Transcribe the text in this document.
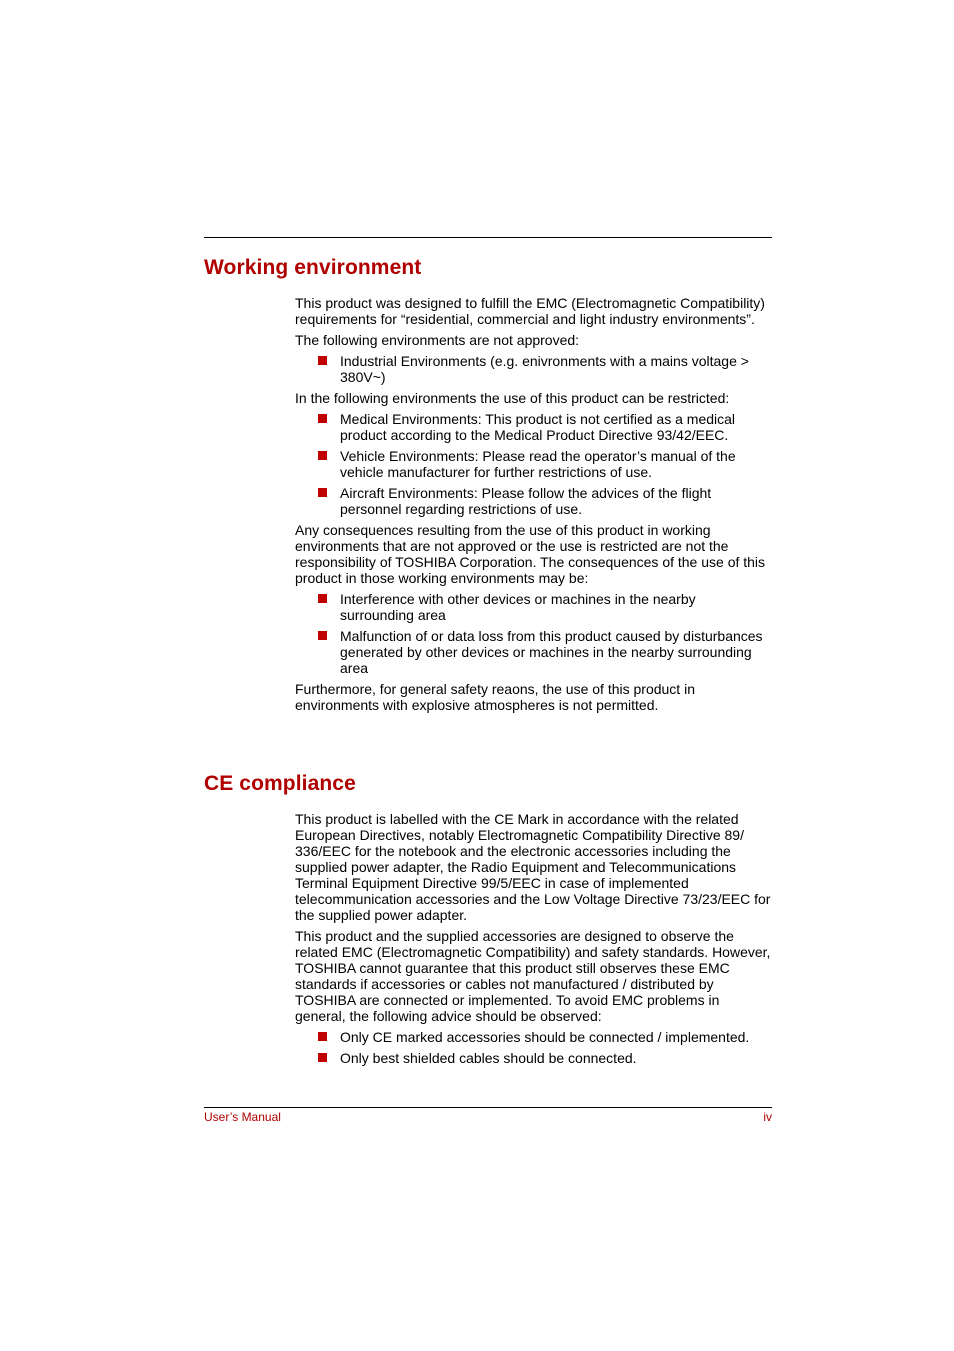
Working environment

This product was designed to fulfill the EMC (Electromagnetic Compatibility) requirements for “residential, commercial and light industry environments”.

The following environments are not approved:

Industrial Environments (e.g. enivronments with a mains voltage > 380V~)

In the following environments the use of this product can be restricted:

Medical Environments: This product is not certified as a medical product according to the Medical Product Directive 93/42/EEC.
Vehicle Environments: Please read the operator’s manual of the vehicle manufacturer for further restrictions of use.
Aircraft Environments: Please follow the advices of the flight personnel regarding restrictions of use.

Any consequences resulting from the use of this product in working environments that are not approved or the use is restricted are not the responsibility of TOSHIBA Corporation. The consequences of the use of this product in those working environments may be:

Interference with other devices or machines in the nearby surrounding area
Malfunction of or data loss from this product caused by disturbances generated by other devices or machines in the nearby surrounding area

Furthermore, for general safety reaons, the use of this product in environments with explosive atmospheres is not permitted.

CE compliance

This product is labelled with the CE Mark in accordance with the related European Directives, notably Electromagnetic Compatibility Directive 89/ 336/EEC for the notebook and the electronic accessories including the supplied power adapter, the Radio Equipment and Telecommunications Terminal Equipment Directive 99/5/EEC in case of implemented telecommunication accessories and the Low Voltage Directive 73/23/EEC for the supplied power adapter.

This product and the supplied accessories are designed to observe the related EMC (Electromagnetic Compatibility) and safety standards. However, TOSHIBA cannot guarantee that this product still observes these EMC standards if accessories or cables not manufactured / distributed by TOSHIBA are connected or implemented. To avoid EMC problems in general, the following advice should be observed:

Only CE marked accessories should be connected / implemented.
Only best shielded cables should be connected.
User’s Manual	iv
